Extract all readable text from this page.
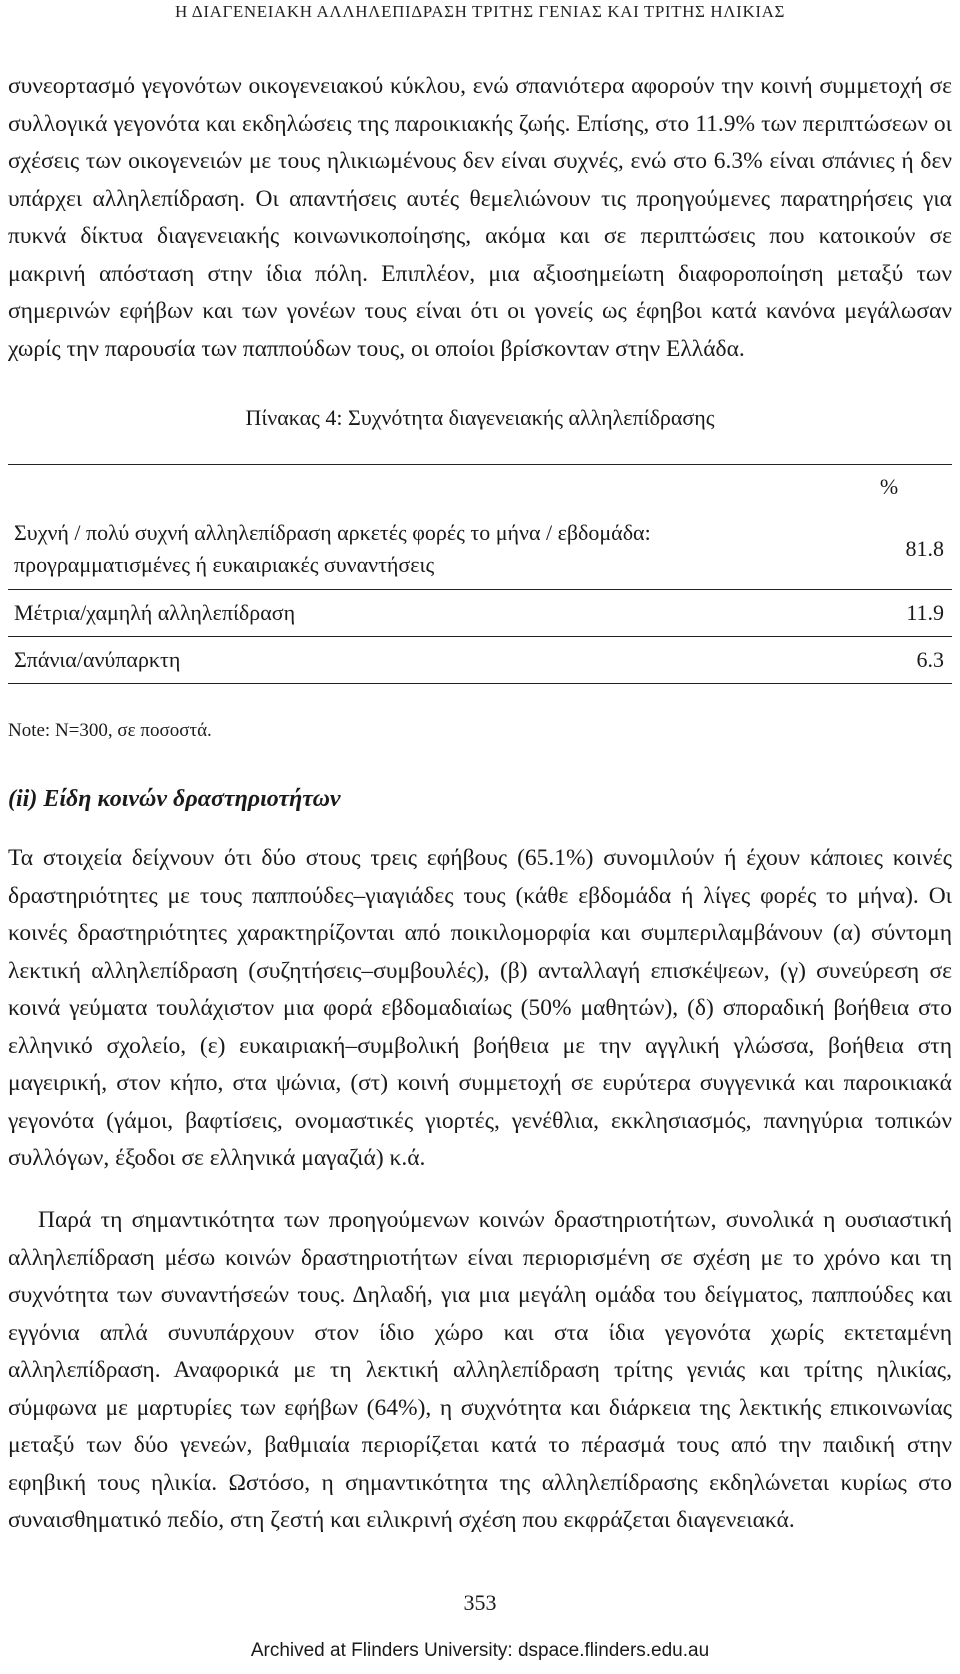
Η ΔΙΑΓΕΝΕΙΑΚΗ ΑΛΛΗΛΕΠΙΔΡΑΣΗ ΤΡΙΤΗΣ ΓΕΝΙΑΣ ΚΑΙ ΤΡΙΤΗΣ ΗΛΙΚΙΑΣ

συνεορτασμό γεγονότων οικογενειακού κύκλου, ενώ σπανιότερα αφορούν την κοινή συμμετοχή σε συλλογικά γεγονότα και εκδηλώσεις της παροικιακής ζωής. Επίσης, στο 11.9% των περιπτώσεων οι σχέσεις των οικογενειών με τους ηλικιωμένους δεν είναι συχνές, ενώ στο 6.3% είναι σπάνιες ή δεν υπάρχει αλληλεπίδραση. Οι απαντήσεις αυτές θεμελιώνουν τις προηγούμενες παρατηρήσεις για πυκνά δίκτυα διαγενειακής κοινωνικοποίησης, ακόμα και σε περιπτώσεις που κατοικούν σε μακρινή απόσταση στην ίδια πόλη. Επιπλέον, μια αξιοσημείωτη διαφοροποίηση μεταξύ των σημερινών εφήβων και των γονέων τους είναι ότι οι γονείς ως έφηβοι κατά κανόνα μεγάλωσαν χωρίς την παρουσία των παππούδων τους, οι οποίοι βρίσκονταν στην Ελλάδα.

Πίνακας 4: Συχνότητα διαγενειακής αλληλεπίδρασης
	%
Συχνή / πολύ συχνή αλληλεπίδραση αρκετές φορές το μήνα / εβδομάδα: προγραμματισμένες ή ευκαιριακές συναντήσεις	81.8
Μέτρια/χαμηλή αλληλεπίδραση	11.9
Σπάνια/ανύπαρκτη	6.3
Note: N=300, σε ποσοστά.
(ii) Είδη κοινών δραστηριοτήτων

Τα στοιχεία δείχνουν ότι δύο στους τρεις εφήβους (65.1%) συνομιλούν ή έχουν κάποιες κοινές δραστηριότητες με τους παππούδες–γιαγιάδες τους (κάθε εβδομάδα ή λίγες φορές το μήνα). Οι κοινές δραστηριότητες χαρακτηρίζονται από ποικιλομορφία και συμπεριλαμβάνουν (α) σύντομη λεκτική αλληλεπίδραση (συζητήσεις–συμβουλές), (β) ανταλλαγή επισκέψεων, (γ) συνεύρεση σε κοινά γεύματα τουλάχιστον μια φορά εβδομαδιαίως (50% μαθητών), (δ) σποραδική βοήθεια στο ελληνικό σχολείο, (ε) ευκαιριακή–συμβολική βοήθεια με την αγγλική γλώσσα, βοήθεια στη μαγειρική, στον κήπο, στα ψώνια, (στ) κοινή συμμετοχή σε ευρύτερα συγγενικά και παροικιακά γεγονότα (γάμοι, βαφτίσεις, ονομαστικές γιορτές, γενέθλια, εκκλησιασμός, πανηγύρια τοπικών συλλόγων, έξοδοι σε ελληνικά μαγαζιά) κ.ά.

Παρά τη σημαντικότητα των προηγούμενων κοινών δραστηριοτήτων, συνολικά η ουσιαστική αλληλεπίδραση μέσω κοινών δραστηριοτήτων είναι περιορισμένη σε σχέση με το χρόνο και τη συχνότητα των συναντήσεών τους. Δηλαδή, για μια μεγάλη ομάδα του δείγματος, παππούδες και εγγόνια απλά συνυπάρχουν στον ίδιο χώρο και στα ίδια γεγονότα χωρίς εκτεταμένη αλληλεπίδραση. Αναφορικά με τη λεκτική αλληλεπίδραση τρίτης γενιάς και τρίτης ηλικίας, σύμφωνα με μαρτυρίες των εφήβων (64%), η συχνότητα και διάρκεια της λεκτικής επικοινωνίας μεταξύ των δύο γενεών, βαθμιαία περιορίζεται κατά το πέρασμά τους από την παιδική στην εφηβική τους ηλικία. Ωστόσο, η σημαντικότητα της αλληλεπίδρασης εκδηλώνεται κυρίως στο συναισθηματικό πεδίο, στη ζεστή και ειλικρινή σχέση που εκφράζεται διαγενειακά.

353
Archived at Flinders University: dspace.flinders.edu.au
